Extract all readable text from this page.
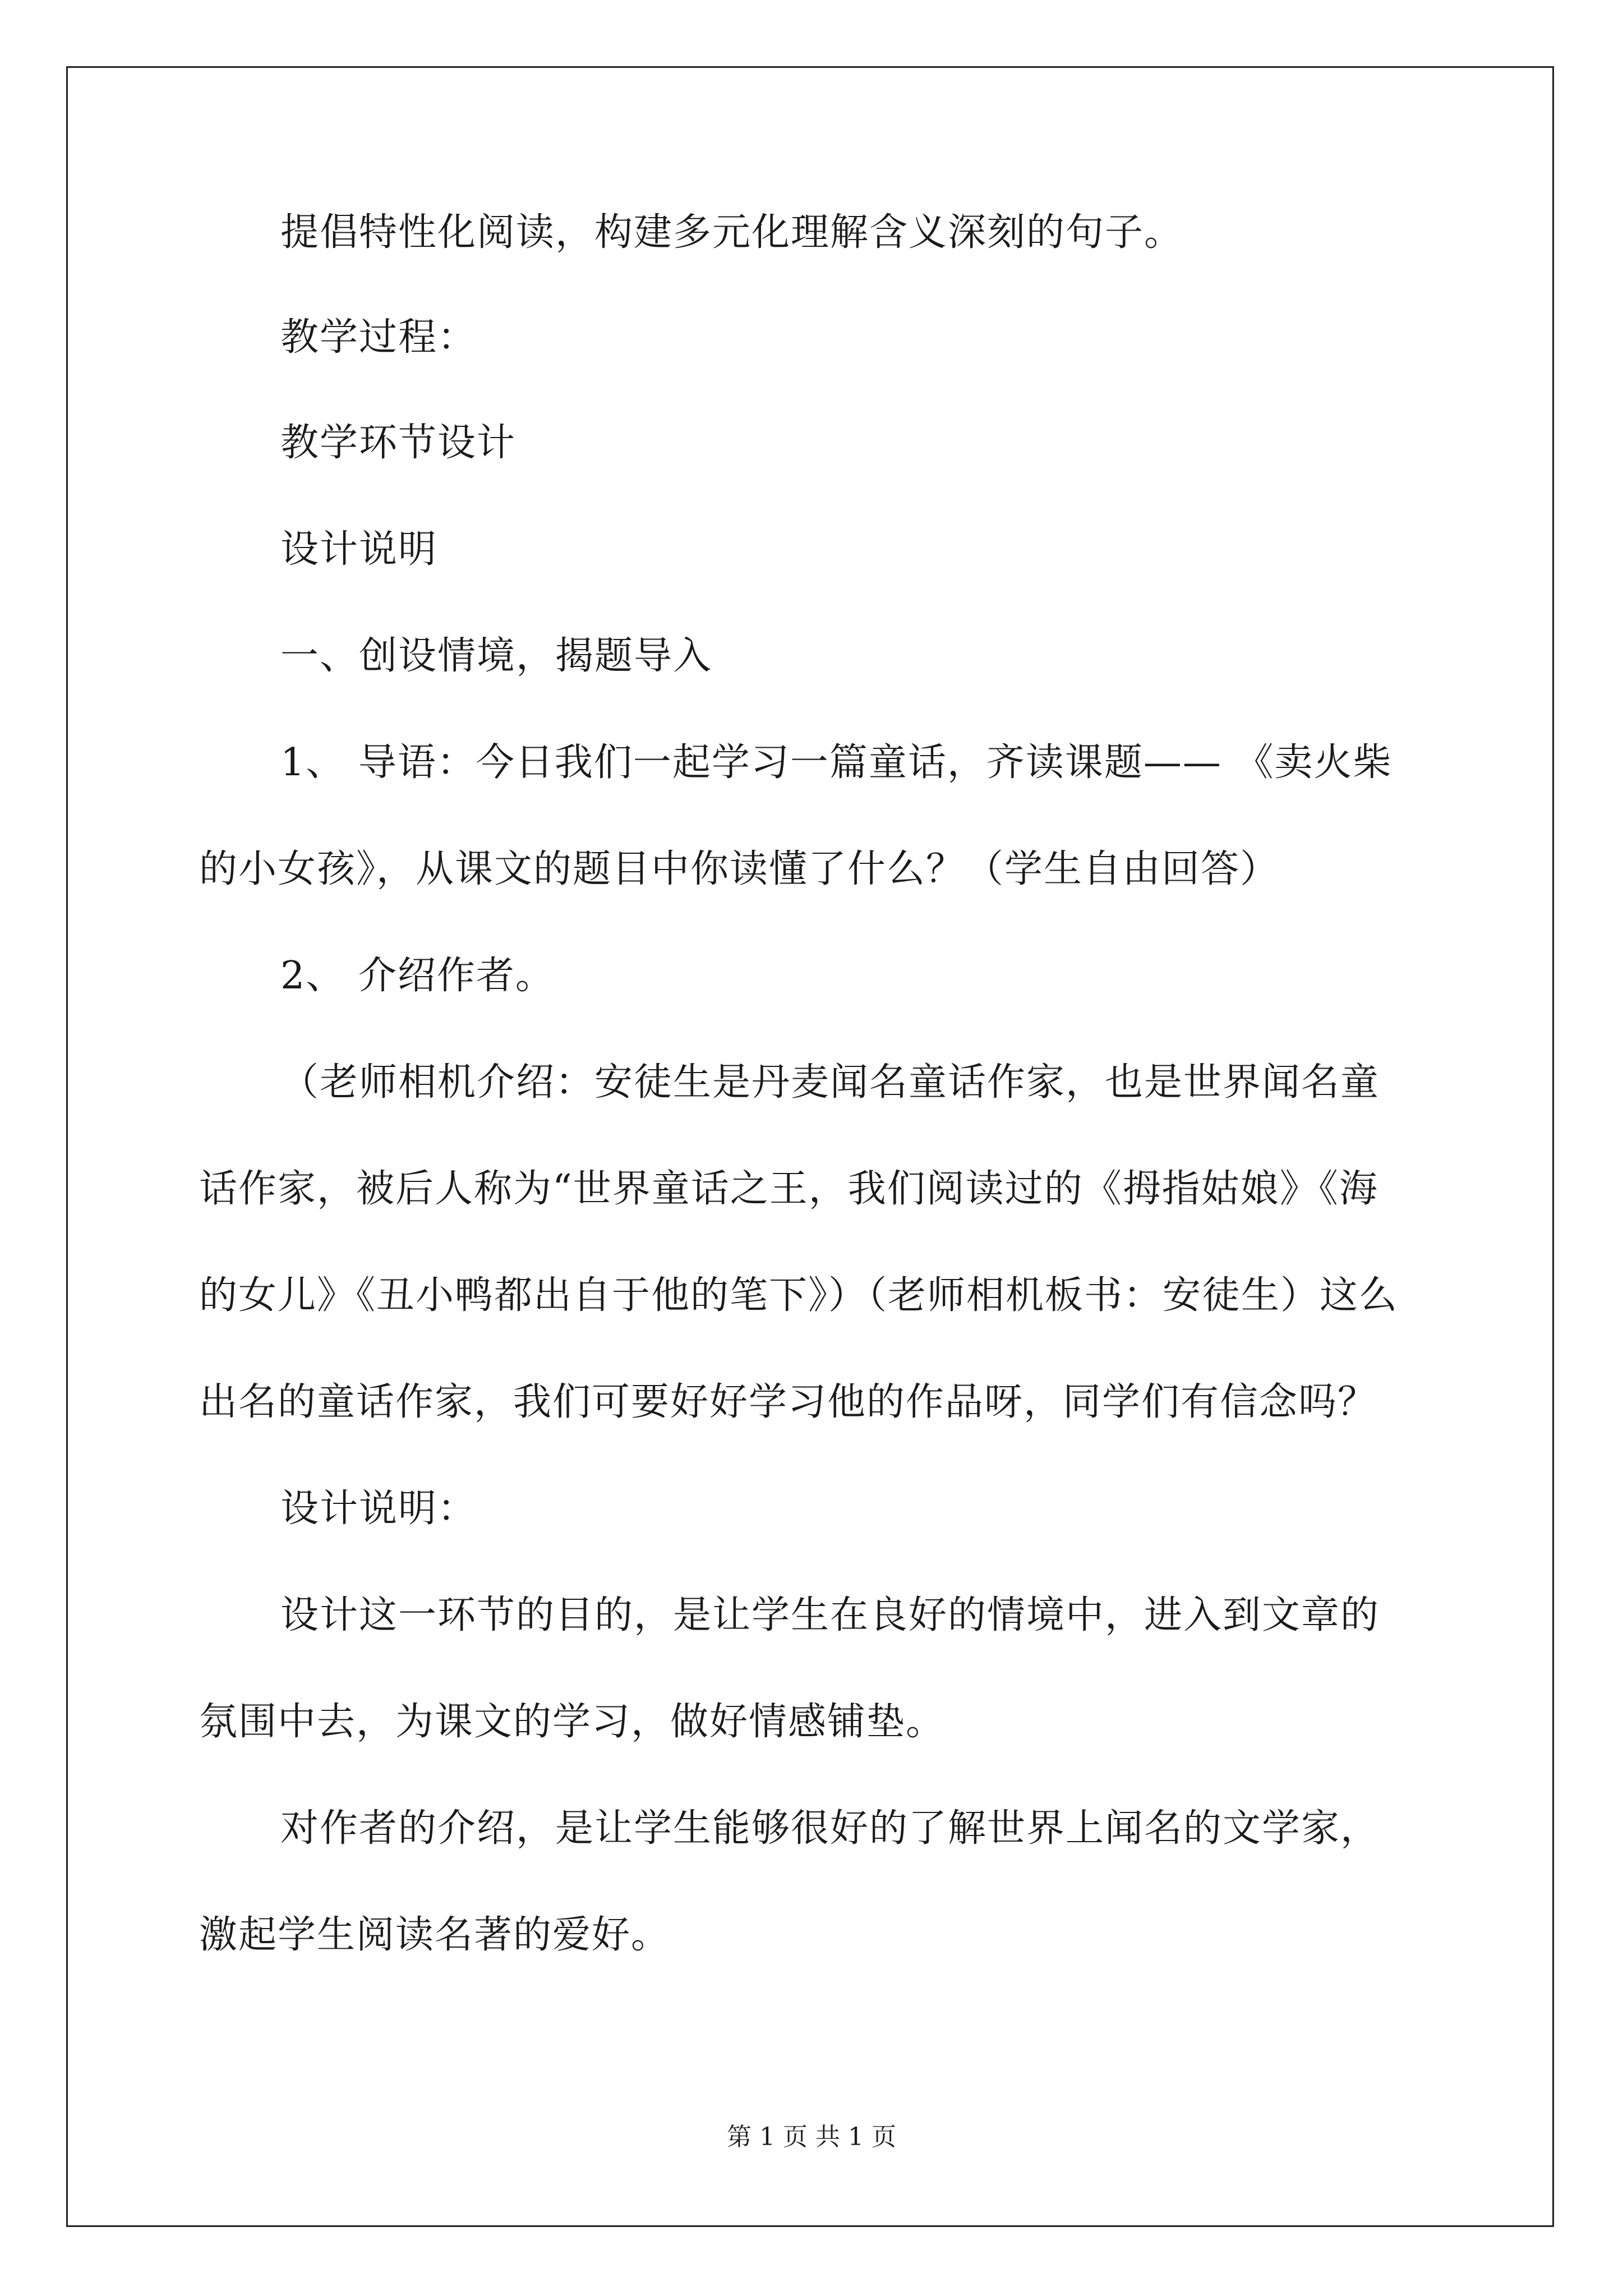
提倡特性化阅读，构建多元化理解含义深刻的句子。
教学过程：
教学环节设计
设计说明
一、创设情境，揭题导入
1、 导语：今日我们一起学习一篇童话，齐读课题—— 《卖火柴
的小女孩》，从课文的题目中你读懂了什么？（学生自由回答）
2、 介绍作者。
（老师相机介绍：安徒生是丹麦闻名童话作家，也是世界闻名童
话作家，被后人称为“世界童话之王，我们阅读过的《拇指姑娘》《海
的女儿》《丑小鸭都出自于他的笔下》）（老师相机板书：安徒生）这么
出名的童话作家，我们可要好好学习他的作品呀，同学们有信念吗？
设计说明：
设计这一环节的目的，是让学生在良好的情境中，进入到文章的
氛围中去，为课文的学习，做好情感铺垫。
对作者的介绍，是让学生能够很好的了解世界上闻名的文学家，
激起学生阅读名著的爱好。
第 1 页 共 1 页
